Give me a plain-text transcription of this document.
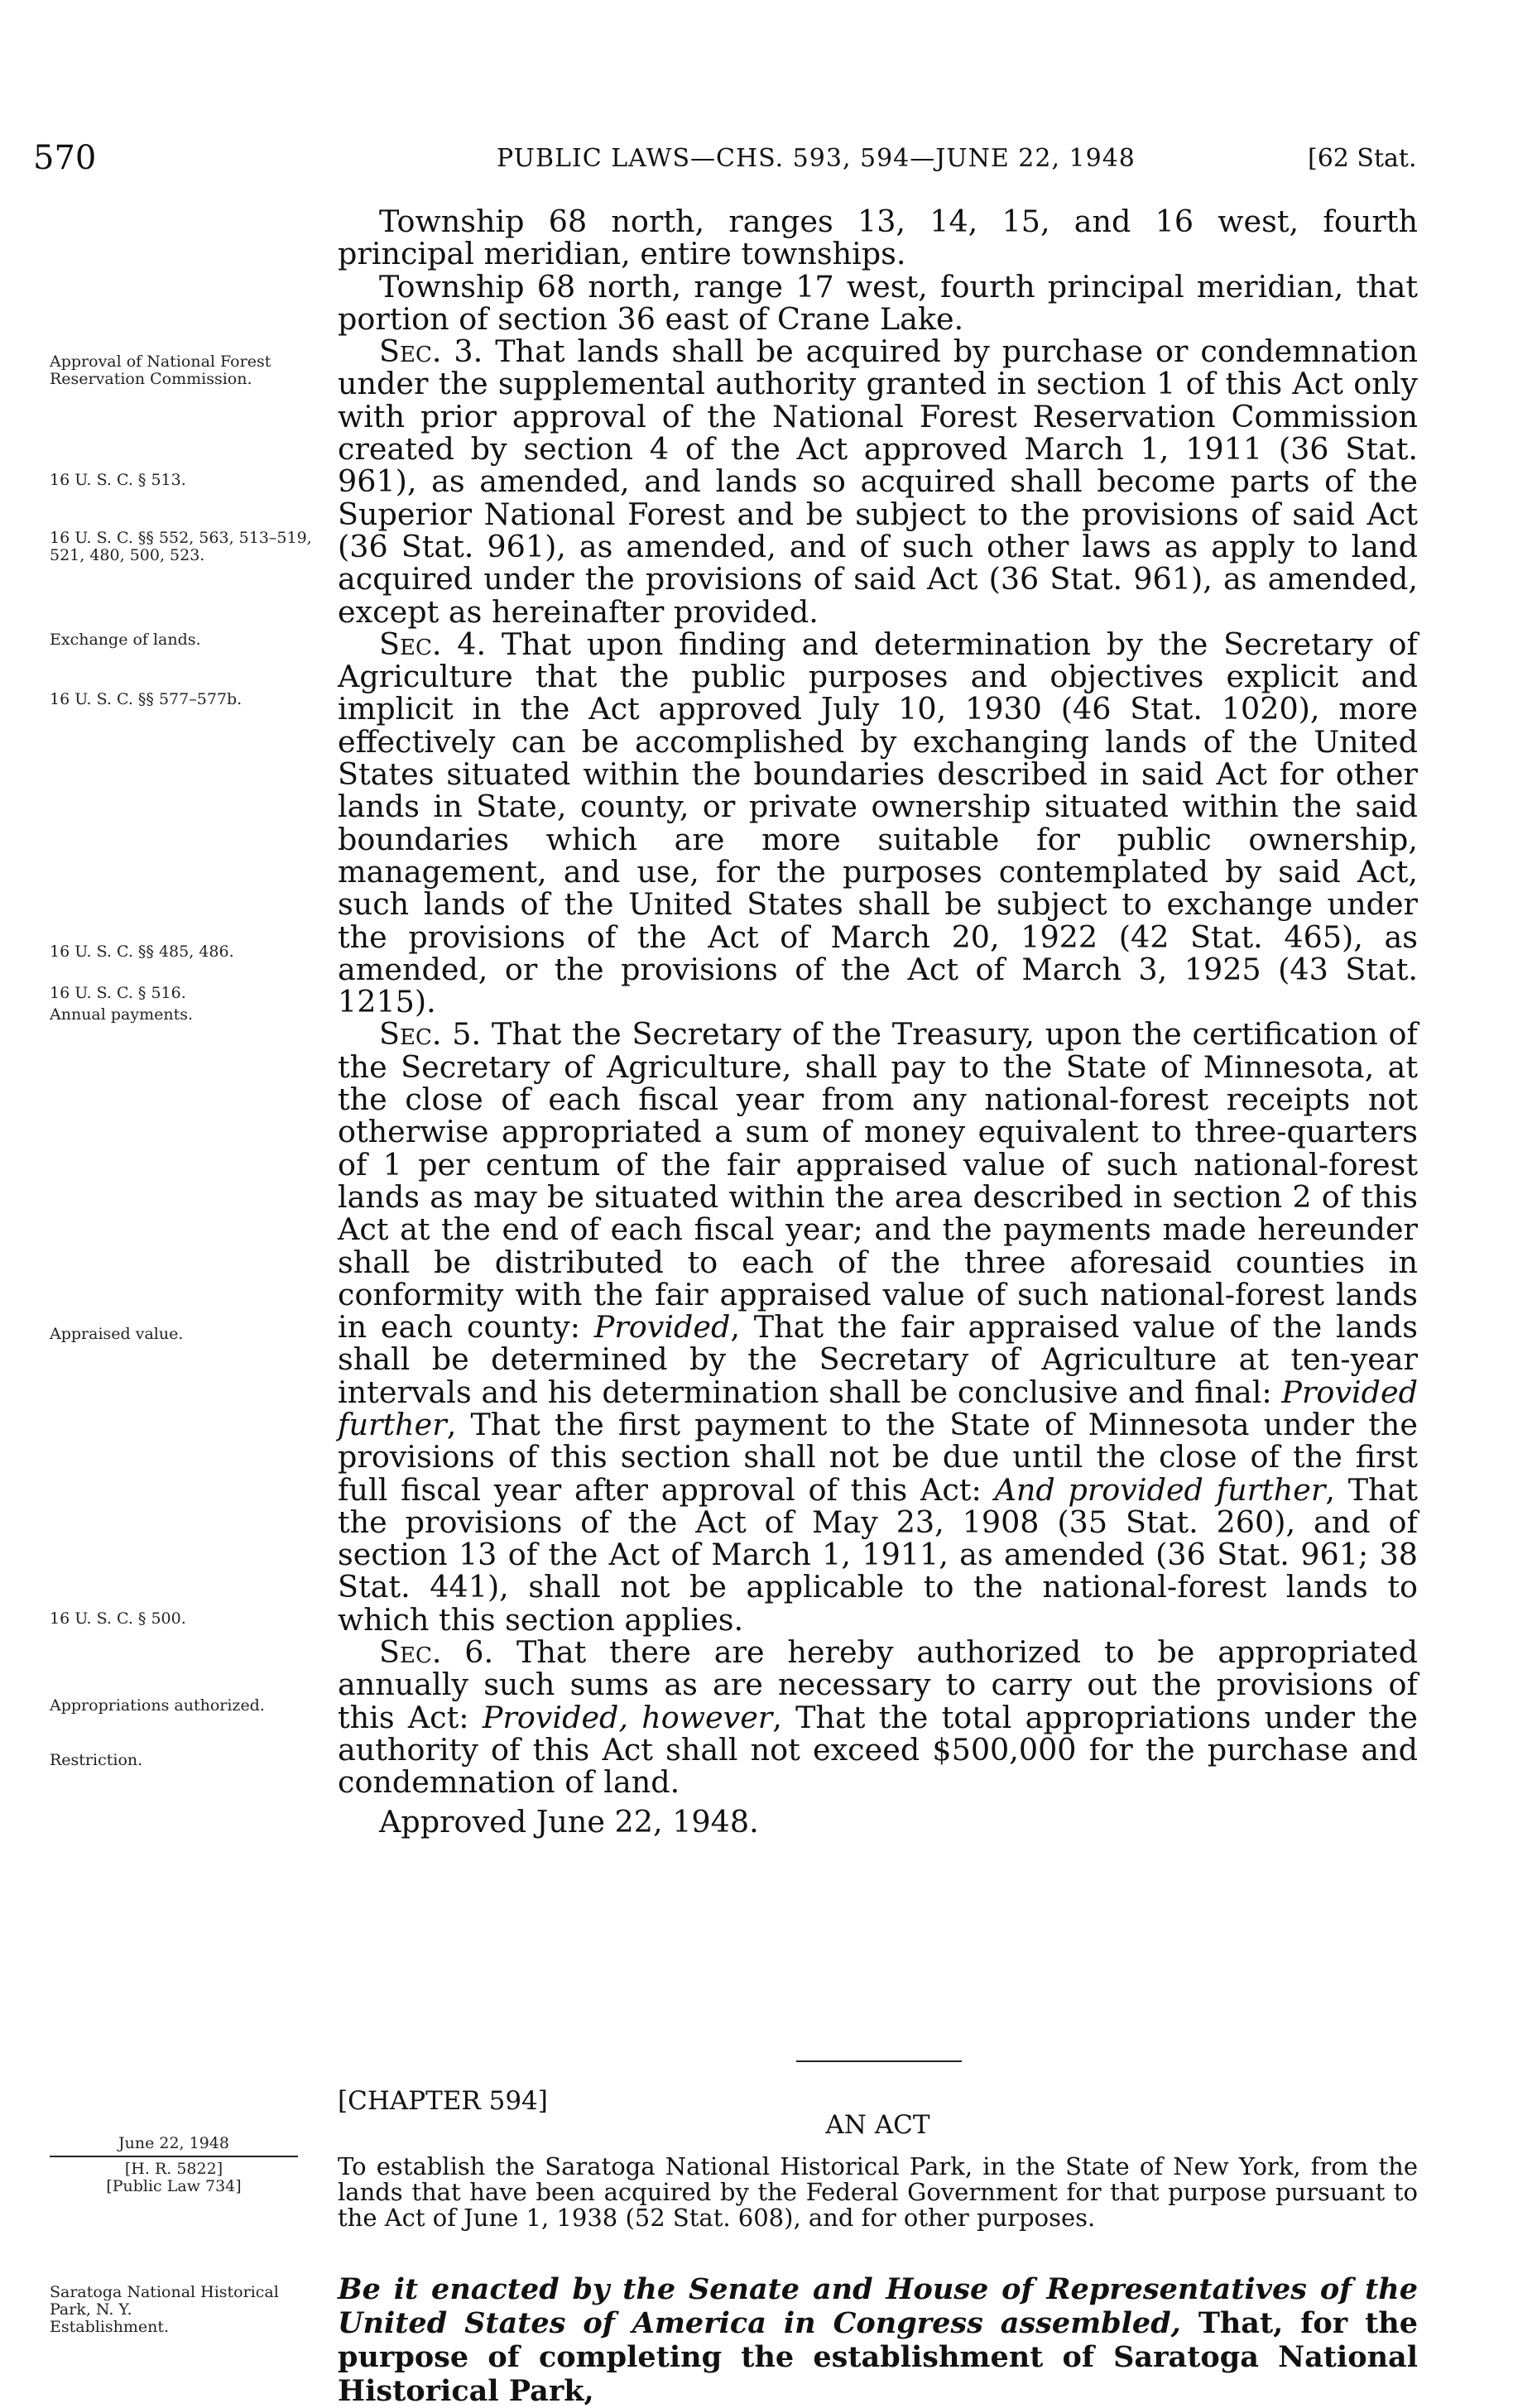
570	PUBLIC LAWS—CHS. 593, 594—JUNE 22, 1948	[62 Stat.

Township 68 north, ranges 13, 14, 15, and 16 west, fourth principal meridian, entire townships.

Township 68 north, range 17 west, fourth principal meridian, that portion of section 36 east of Crane Lake.

Sec. 3. That lands shall be acquired by purchase or condemnation under the supplemental authority granted in section 1 of this Act only with prior approval of the National Forest Reservation Commission created by section 4 of the Act approved March 1, 1911 (36 Stat. 961), as amended, and lands so acquired shall become parts of the Superior National Forest and be subject to the provisions of said Act (36 Stat. 961), as amended, and of such other laws as apply to land acquired under the provisions of said Act (36 Stat. 961), as amended, except as hereinafter provided.

Sec. 4. That upon finding and determination by the Secretary of Agriculture that the public purposes and objectives explicit and implicit in the Act approved July 10, 1930 (46 Stat. 1020), more effectively can be accomplished by exchanging lands of the United States situated within the boundaries described in said Act for other lands in State, county, or private ownership situated within the said boundaries which are more suitable for public ownership, management, and use, for the purposes contemplated by said Act, such lands of the United States shall be subject to exchange under the provisions of the Act of March 20, 1922 (42 Stat. 465), as amended, or the provisions of the Act of March 3, 1925 (43 Stat. 1215).

Sec. 5. That the Secretary of the Treasury, upon the certification of the Secretary of Agriculture, shall pay to the State of Minnesota, at the close of each fiscal year from any national-forest receipts not otherwise appropriated a sum of money equivalent to three-quarters of 1 per centum of the fair appraised value of such national-forest lands as may be situated within the area described in section 2 of this Act at the end of each fiscal year; and the payments made hereunder shall be distributed to each of the three aforesaid counties in conformity with the fair appraised value of such national-forest lands in each county: Provided, That the fair appraised value of the lands shall be determined by the Secretary of Agriculture at ten-year intervals and his determination shall be conclusive and final: Provided further, That the first payment to the State of Minnesota under the provisions of this section shall not be due until the close of the first full fiscal year after approval of this Act: And provided further, That the provisions of the Act of May 23, 1908 (35 Stat. 260), and of section 13 of the Act of March 1, 1911, as amended (36 Stat. 961; 38 Stat. 441), shall not be applicable to the national-forest lands to which this section applies.

Sec. 6. That there are hereby authorized to be appropriated annually such sums as are necessary to carry out the provisions of this Act: Provided, however, That the total appropriations under the authority of this Act shall not exceed $500,000 for the purchase and condemnation of land.

Approved June 22, 1948.

[CHAPTER 594]
AN ACT

To establish the Saratoga National Historical Park, in the State of New York, from the lands that have been acquired by the Federal Government for that purpose pursuant to the Act of June 1, 1938 (52 Stat. 608), and for other purposes.

Approval of National Forest Reservation Commission.
16 U. S. C. § 513.
16 U. S. C. §§ 552, 563, 513–519, 521, 480, 500, 523.
Exchange of lands.
16 U. S. C. §§ 577–577b.
16 U. S. C. §§ 485, 486.
16 U. S. C. § 516.
Annual payments.
Appraised value.
16 U. S. C. § 500.
Appropriations authorized.
Restriction.
June 22, 1948
[H. R. 5822]
[Public Law 734]
Saratoga National Historical Park, N. Y.
Establishment.

Be it enacted by the Senate and House of Representatives of the United States of America in Congress assembled, That, for the purpose of completing the establishment of Saratoga National Historical Park,
